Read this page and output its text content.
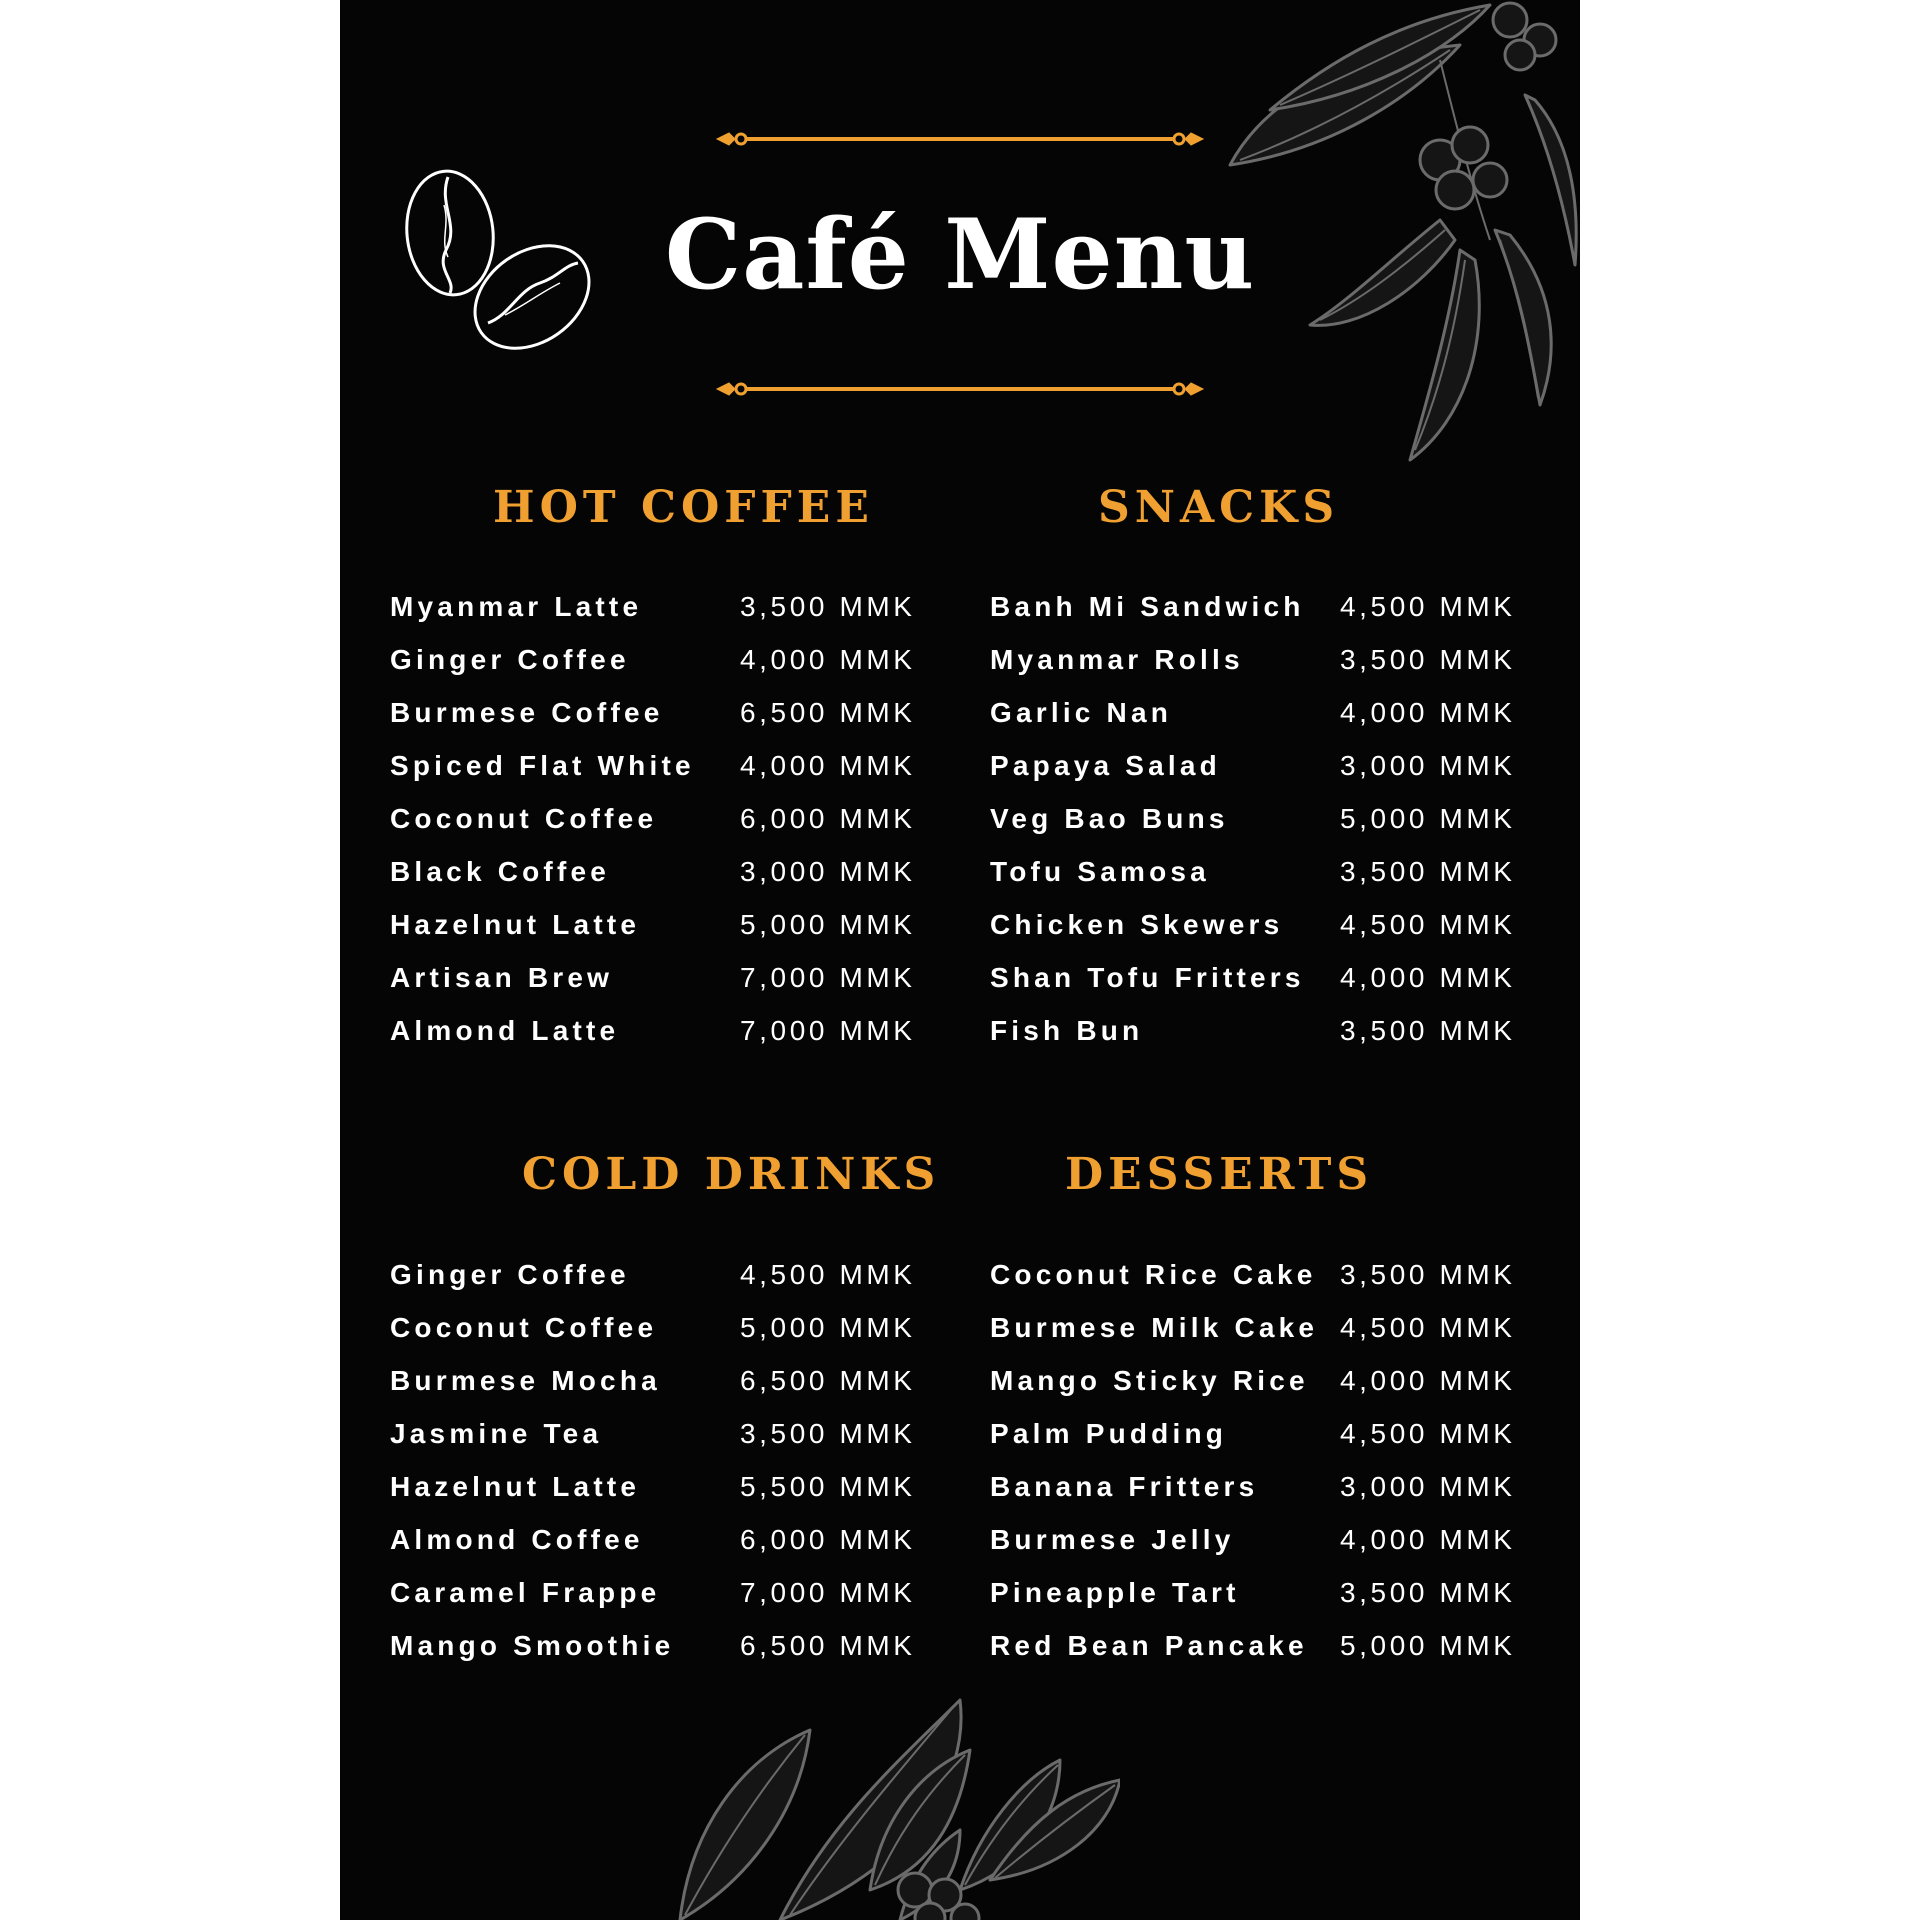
Café Menu
HOT COFFEE
Myanmar Latte	3,500 MMK
Ginger Coffee	4,000 MMK
Burmese Coffee	6,500 MMK
Spiced Flat White 4,000 MMK
Coconut Coffee	6,000 MMK
Black Coffee	3,000 MMK
Hazelnut Latte	5,000 MMK
Artisan Brew	7,000 MMK
Almond Latte	7,000 MMK
SNACKS
Banh Mi Sandwich 4,500 MMK
Myanmar Rolls	3,500 MMK
Garlic Nan	4,000 MMK
Papaya Salad	3,000 MMK
Veg Bao Buns	5,000 MMK
Tofu Samosa	3,500 MMK
Chicken Skewers 4,500 MMK
Shan Tofu Fritters 4,000 MMK
Fish Bun	3,500 MMK
COLD DRINKS
Ginger Coffee	4,500 MMK
Coconut Coffee	5,000 MMK
Burmese Mocha	6,500 MMK
Jasmine Tea	3,500 MMK
Hazelnut Latte	5,500 MMK
Almond Coffee	6,000 MMK
Caramel Frappe	7,000 MMK
Mango Smoothie 6,500 MMK
DESSERTS
Coconut Rice Cake 3,500 MMK
Burmese Milk Cake 4,500 MMK
Mango Sticky Rice 4,000 MMK
Palm Pudding	4,500 MMK
Banana Fritters	3,000 MMK
Burmese Jelly	4,000 MMK
Pineapple Tart	3,500 MMK
Red Bean Pancake 5,000 MMK
